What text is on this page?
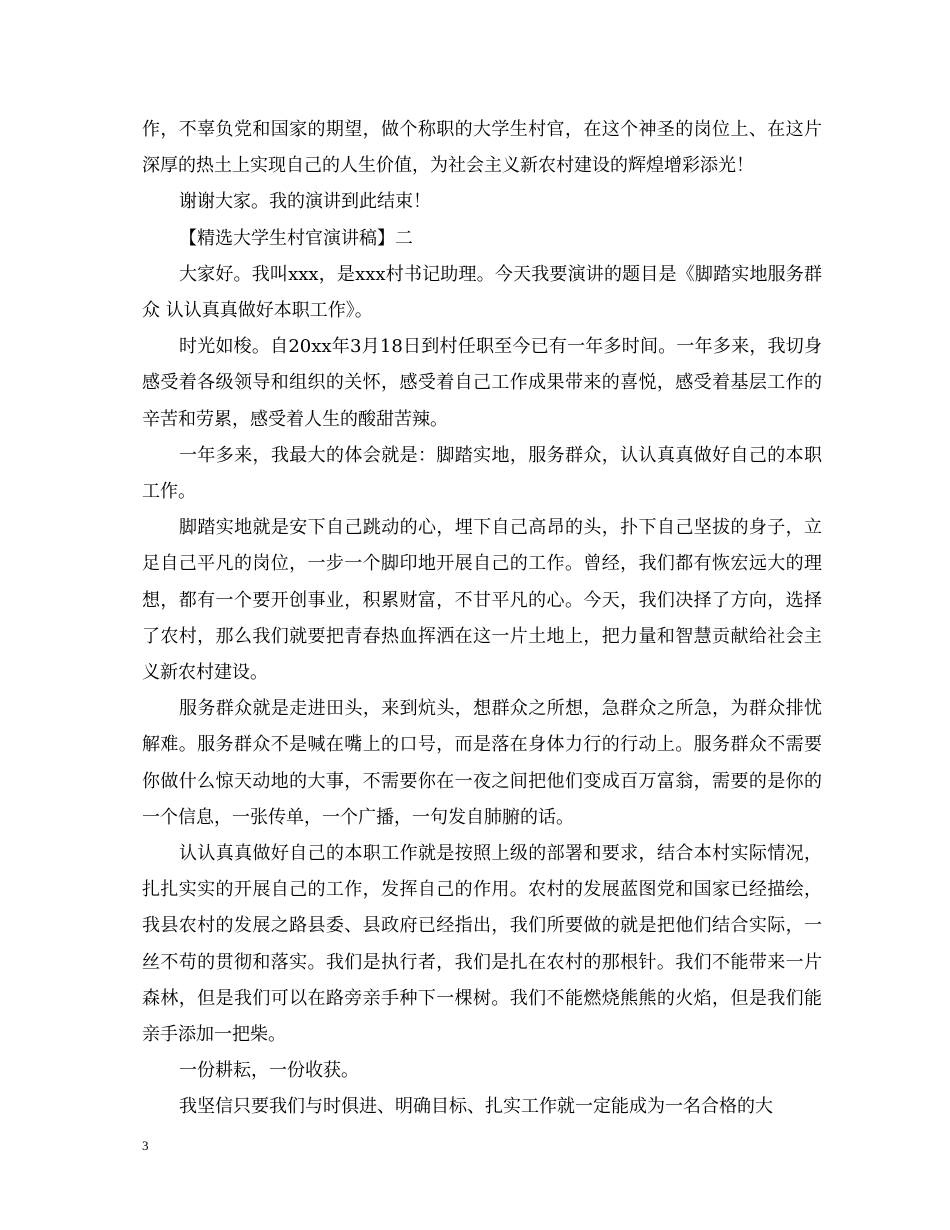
作，不辜负党和国家的期望，做个称职的大学生村官，在这个神圣的岗位上、在这片深厚的热土上实现自己的人生价值，为社会主义新农村建设的辉煌增彩添光！

谢谢大家。我的演讲到此结束！

【精选大学生村官演讲稿】二

大家好。我叫xxx，是xxx村书记助理。今天我要演讲的题目是《脚踏实地服务群众 认认真真做好本职工作》。

时光如梭。自20xx年3月18日到村任职至今已有一年多时间。一年多来，我切身感受着各级领导和组织的关怀，感受着自己工作成果带来的喜悦，感受着基层工作的辛苦和劳累，感受着人生的酸甜苦辣。

一年多来，我最大的体会就是：脚踏实地，服务群众，认认真真做好自己的本职工作。

脚踏实地就是安下自己跳动的心，埋下自己高昂的头，扑下自己坚拔的身子，立足自己平凡的岗位，一步一个脚印地开展自己的工作。曾经，我们都有恢宏远大的理想，都有一个要开创事业，积累财富，不甘平凡的心。今天，我们决择了方向，选择了农村，那么我们就要把青春热血挥洒在这一片土地上，把力量和智慧贡献给社会主义新农村建设。

服务群众就是走进田头，来到炕头，想群众之所想，急群众之所急，为群众排忧解难。服务群众不是喊在嘴上的口号，而是落在身体力行的行动上。服务群众不需要你做什么惊天动地的大事，不需要你在一夜之间把他们变成百万富翁，需要的是你的一个信息，一张传单，一个广播，一句发自肺腑的话。

认认真真做好自己的本职工作就是按照上级的部署和要求，结合本村实际情况，扎扎实实的开展自己的工作，发挥自己的作用。农村的发展蓝图党和国家已经描绘，我县农村的发展之路县委、县政府已经指出，我们所要做的就是把他们结合实际，一丝不苟的贯彻和落实。我们是执行者，我们是扎在农村的那根针。我们不能带来一片森林，但是我们可以在路旁亲手种下一棵树。我们不能燃烧熊熊的火焰，但是我们能亲手添加一把柴。

一份耕耘，一份收获。

我坚信只要我们与时俱进、明确目标、扎实工作就一定能成为一名合格的大

3
